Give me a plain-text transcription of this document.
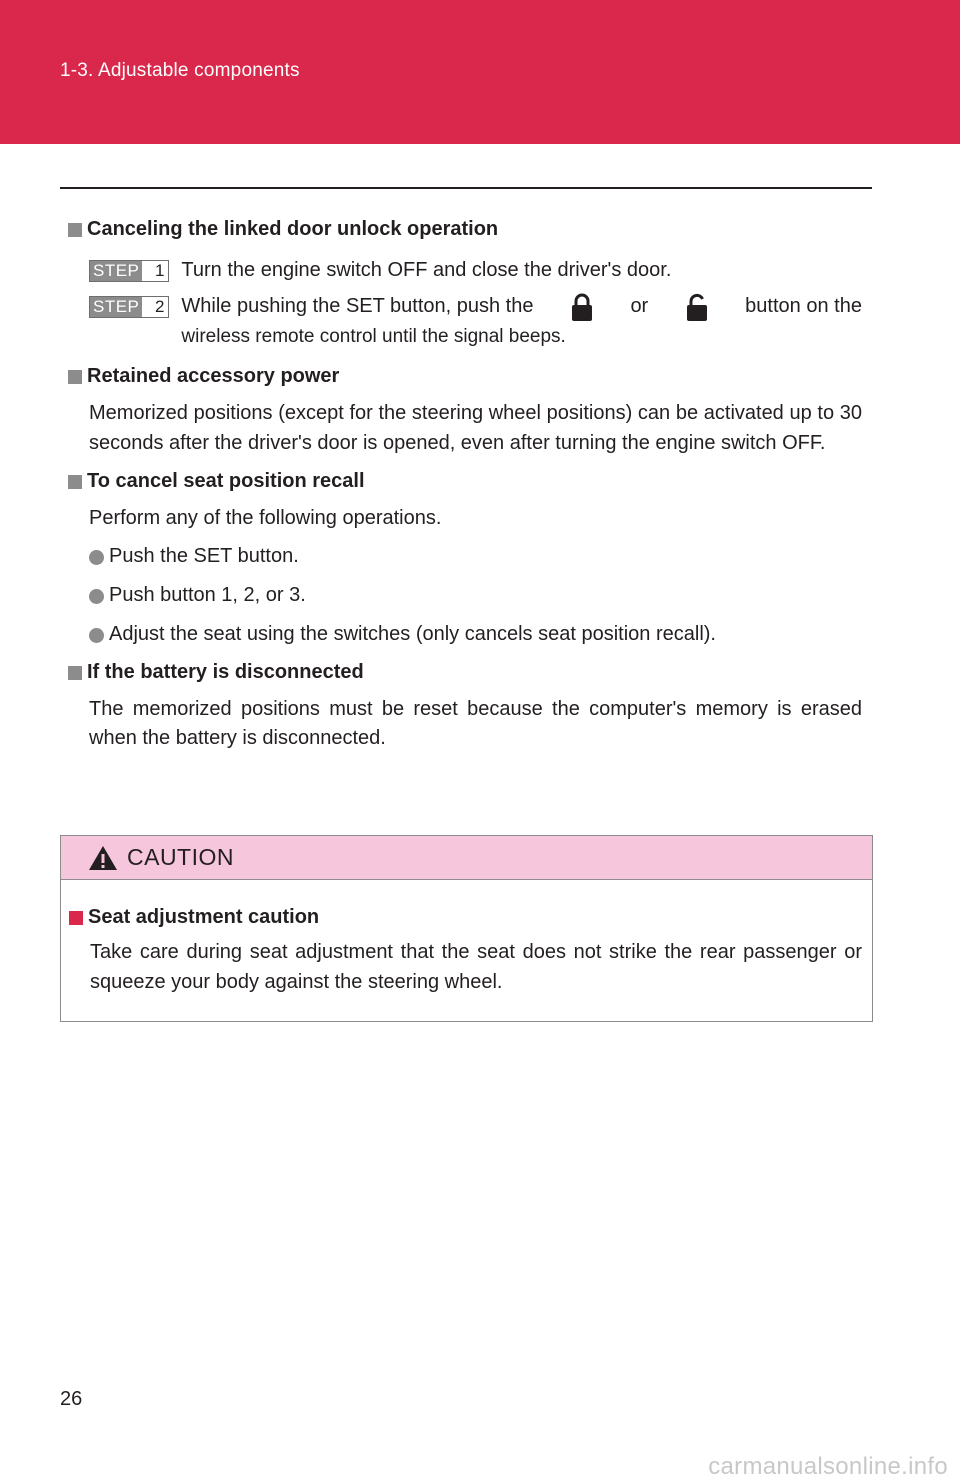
1-3. Adjustable components
Canceling the linked door unlock operation
STEP 1 Turn the engine switch OFF and close the driver's door.
STEP 2 While pushing the SET button, push the	or	button on the
wireless remote control until the signal beeps.
Retained accessory power
Memorized positions (except for the steering wheel positions) can be activated up to 30 seconds after the driver's door is opened, even after turning the engine switch OFF.
To cancel seat position recall
Perform any of the following operations.
Push the SET button.
Push button 1, 2, or 3.
Adjust the seat using the switches (only cancels seat position recall).
If the battery is disconnected
The memorized positions must be reset because the computer's memory is erased when the battery is disconnected.
CAUTION
Seat adjustment caution
Take care during seat adjustment that the seat does not strike the rear passenger or squeeze your body against the steering wheel.
26
carmanualsonline.info
